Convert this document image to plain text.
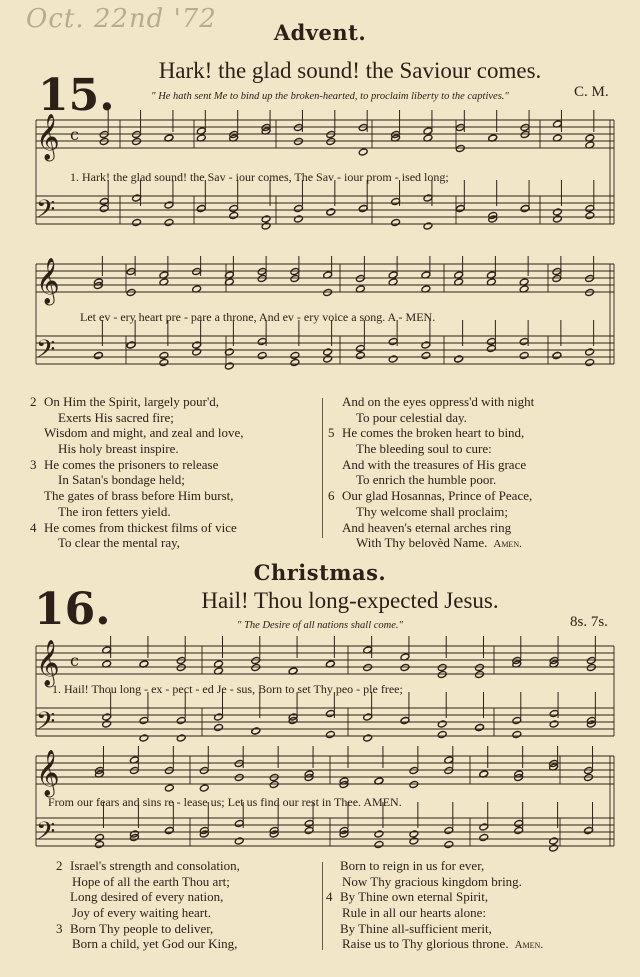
Oct. 22nd '72	Advent.
15.	Hark! the glad sound! the Saviour comes.
" He hath sent Me to bind up the broken-hearted, to proclaim liberty to the captives."	C. M.
𝄞
𝄢
c
1. Hark! the glad sound! the Sav - iour comes, The Sav - iour prom - ised long;
𝄞
𝄢
Let ev - ery heart pre - pare a throne, And ev - ery voice a song. A - MEN.
2 On Him the Spirit, largely pour'd,
Exerts His sacred fire;
Wisdom and might, and zeal and love,
His holy breast inspire.
3 He comes the prisoners to release
In Satan's bondage held;
The gates of brass before Him burst,
The iron fetters yield.
4 He comes from thickest films of vice
To clear the mental ray,
And on the eyes oppress'd with night
To pour celestial day.
5 He comes the broken heart to bind,
The bleeding soul to cure:
And with the treasures of His grace
To enrich the humble poor.
6 Our glad Hosannas, Prince of Peace,
Thy welcome shall proclaim;
And heaven's eternal arches ring
With Thy belovèd Name. Amen.
Christmas.
16.	Hail! Thou long-expected Jesus.
" The Desire of all nations shall come."	8s. 7s.
𝄞
𝄢
c
1. Hail! Thou long - ex - pect - ed Je - sus, Born to set Thy peo - ple free;
𝄞
𝄢
From our fears and sins re - lease us; Let us find our rest in Thee. AMEN.
2 Israel's strength and consolation,
Hope of all the earth Thou art;
Long desired of every nation,
Joy of every waiting heart.
3 Born Thy people to deliver,
Born a child, yet God our King,
Born to reign in us for ever,
Now Thy gracious kingdom bring.
4 By Thine own eternal Spirit,
Rule in all our hearts alone:
By Thine all-sufficient merit,
Raise us to Thy glorious throne. Amen.
